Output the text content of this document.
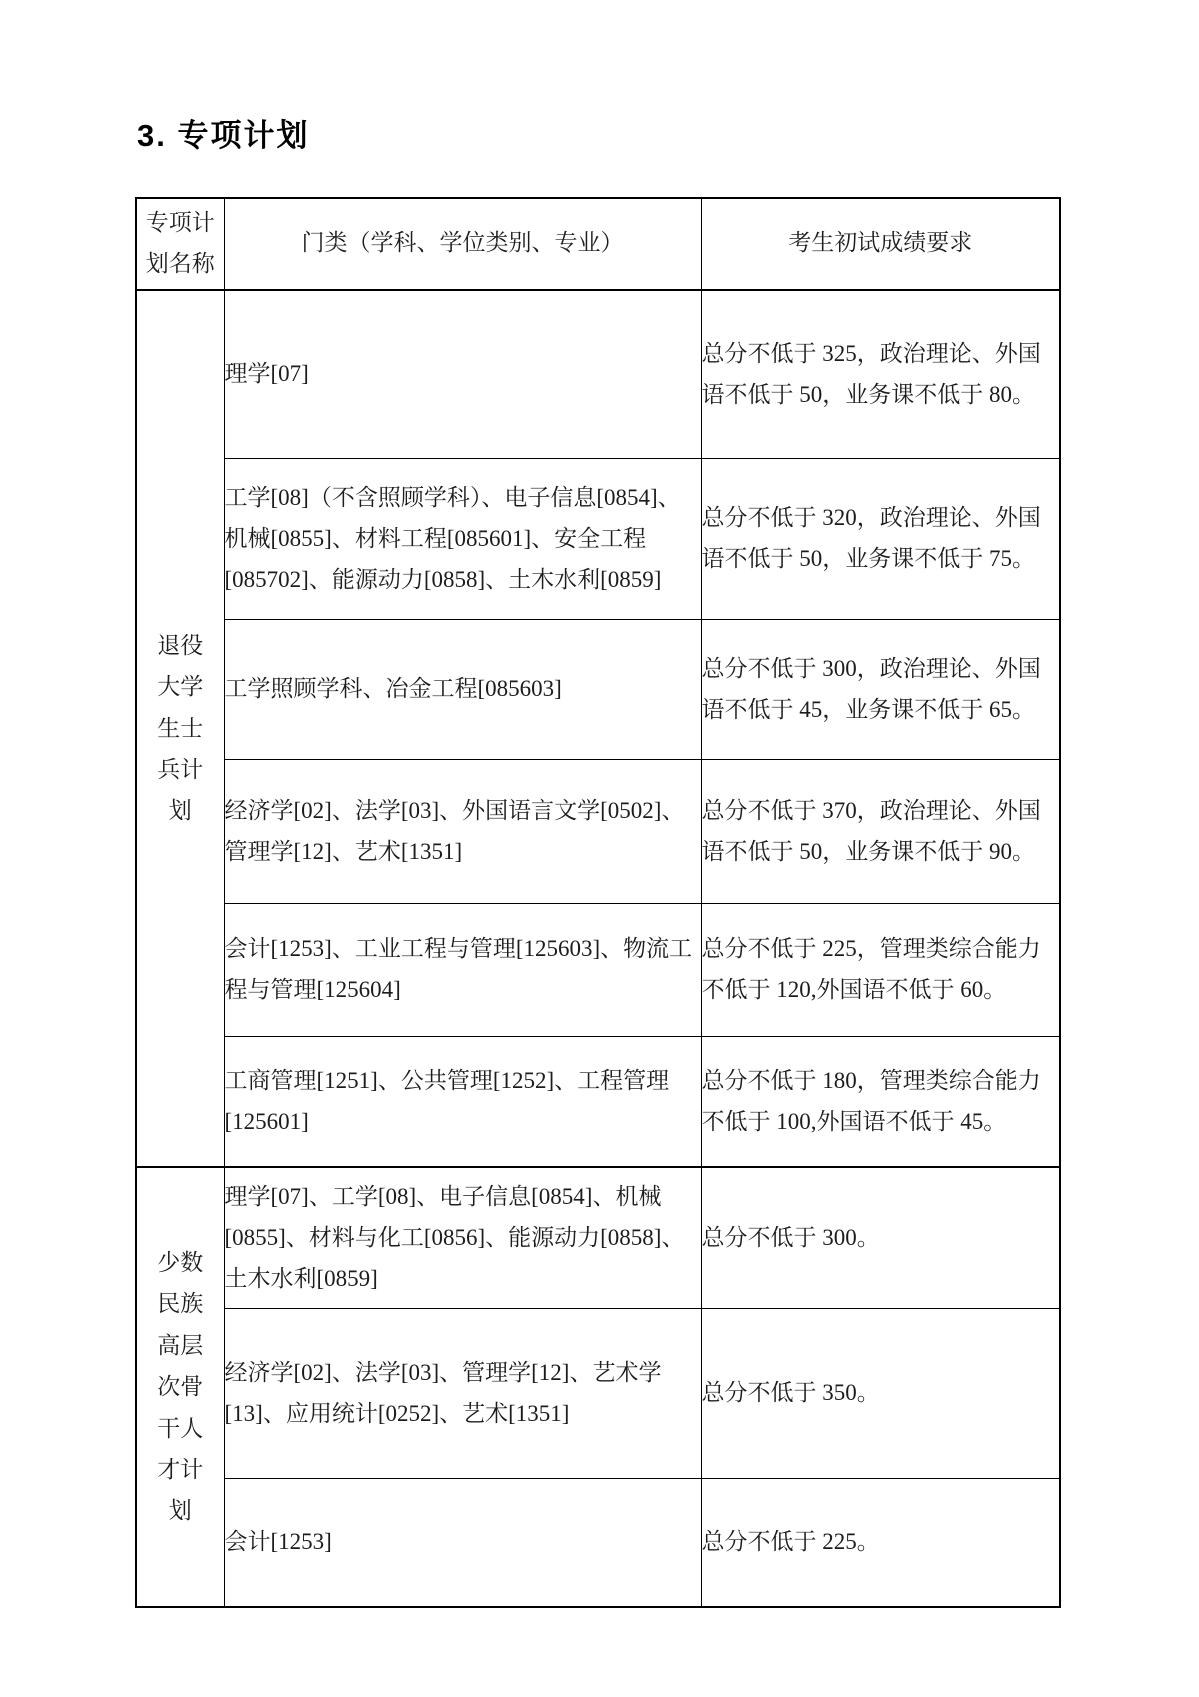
3. 专项计划
专项计划名称	门类（学科、学位类别、专业）	考生初试成绩要求

退役大学生士兵计划	理学[07]	总分不低于 325，政治理论、外国语不低于 50，业务课不低于 80。
	工学[08]（不含照顾学科）、电子信息[0854]、机械[0855]、材料工程[085601]、安全工程[085702]、能源动力[0858]、土木水利[0859]	总分不低于 320，政治理论、外国语不低于 50，业务课不低于 75。
	工学照顾学科、冶金工程[085603]	总分不低于 300，政治理论、外国语不低于 45，业务课不低于 65。
	经济学[02]、法学[03]、外国语言文学[0502]、管理学[12]、艺术[1351]	总分不低于 370，政治理论、外国语不低于 50，业务课不低于 90。
	会计[1253]、工业工程与管理[125603]、物流工程与管理[125604]	总分不低于 225，管理类综合能力不低于 120,外国语不低于 60。
	工商管理[1251]、公共管理[1252]、工程管理[125601]	总分不低于 180，管理类综合能力不低于 100,外国语不低于 45。

少数民族高层次骨干人才计划	理学[07]、工学[08]、电子信息[0854]、机械[0855]、材料与化工[0856]、能源动力[0858]、土木水利[0859]	总分不低于 300。
	经济学[02]、法学[03]、管理学[12]、艺术学[13]、应用统计[0252]、艺术[1351]	总分不低于 350。
	会计[1253]	总分不低于 225。
